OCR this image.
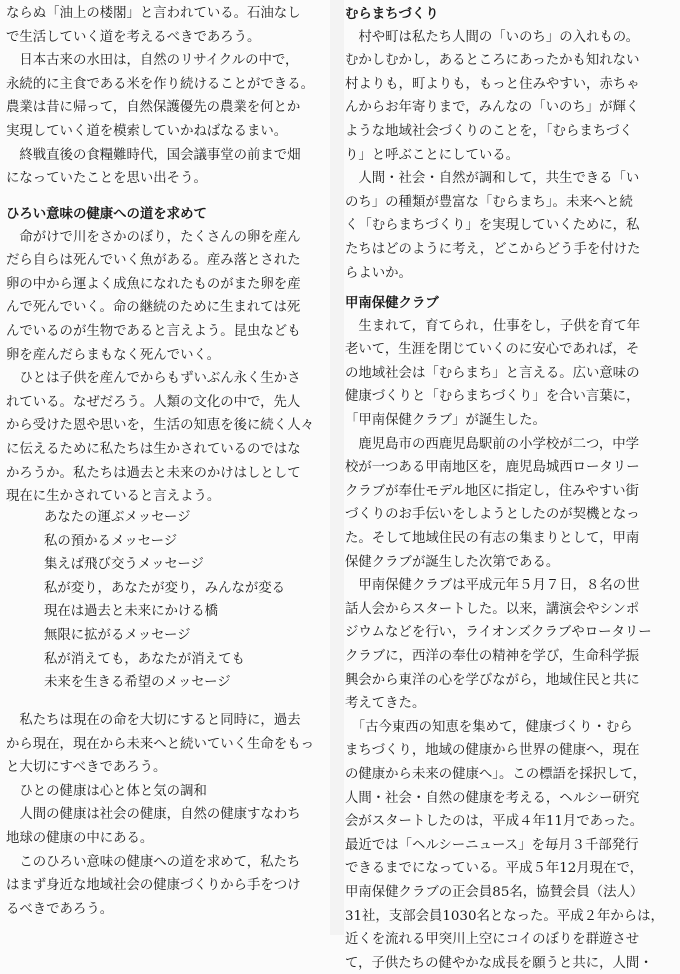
ならぬ「油上の楼閣」と言われている。石油なし
で生活していく道を考えるべきであろう。
　日本古来の水田は，自然のリサイクルの中で，
永続的に主食である米を作り続けることができる。
農業は昔に帰って，自然保護優先の農業を何とか
実現していく道を模索していかねばなるまい。
　終戦直後の食糧難時代，国会議事堂の前まで畑
になっていたことを思い出そう。
ひろい意味の健康への道を求めて
　命がけで川をさかのぼり，たくさんの卵を産ん
だら自らは死んでいく魚がある。産み落とされた
卵の中から運よく成魚になれたものがまた卵を産
んで死んでいく。命の継続のために生まれては死
んでいるのが生物であると言えよう。昆虫なども
卵を産んだらまもなく死んでいく。
　ひとは子供を産んでからもずいぶん永く生かさ
れている。なぜだろう。人類の文化の中で，先人
から受けた恩や思いを，生活の知恵を後に続く人々
に伝えるために私たちは生かされているのではな
かろうか。私たちは過去と未来のかけはしとして
現在に生かされていると言えよう。
あなたの運ぶメッセージ
私の預かるメッセージ
集えば飛び交うメッセージ
私が変り，あなたが変り，みんなが変る
現在は過去と未来にかける橋
無限に拡がるメッセージ
私が消えても，あなたが消えても
未来を生きる希望のメッセージ
　私たちは現在の命を大切にすると同時に，過去
から現在，現在から未来へと続いていく生命をもっ
と大切にすべきであろう。
　ひとの健康は心と体と気の調和
　人間の健康は社会の健康，自然の健康すなわち
地球の健康の中にある。
　このひろい意味の健康への道を求めて，私たち
はまず身近な地域社会の健康づくりから手をつけ
るべきであろう。
むらまちづくり
　村や町は私たち人間の「いのち」の入れもの。
むかしむかし，あるところにあったかも知れない
村よりも，町よりも，もっと住みやすい，赤ちゃ
んからお年寄りまで，みんなの「いのち」が輝く
ような地域社会づくりのことを，「むらまちづく
り」と呼ぶことにしている。
　人間・社会・自然が調和して，共生できる「い
のち」の種類が豊富な「むらまち」。未来へと続
く「むらまちづくり」を実現していくために，私
たちはどのように考え，どこからどう手を付けた
らよいか。
甲南保健クラブ
　生まれて，育てられ，仕事をし，子供を育て年
老いて，生涯を閉じていくのに安心であれば，そ
の地域社会は「むらまち」と言える。広い意味の
健康づくりと「むらまちづくり」を合い言葉に，
「甲南保健クラブ」が誕生した。
　鹿児島市の西鹿児島駅前の小学校が二つ，中学
校が一つある甲南地区を，鹿児島城西ロータリー
クラブが奉仕モデル地区に指定し，住みやすい街
づくりのお手伝いをしようとしたのが契機となっ
た。そして地域住民の有志の集まりとして，甲南
保健クラブが誕生した次第である。
　甲南保健クラブは平成元年５月７日，８名の世
話人会からスタートした。以来，講演会やシンポ
ジウムなどを行い，ライオンズクラブやロータリー
クラブに，西洋の奉仕の精神を学び，生命科学振
興会から東洋の心を学びながら，地域住民と共に
考えてきた。
　「古今東西の知恵を集めて，健康づくり・むら
まちづくり，地域の健康から世界の健康へ，現在
の健康から未来の健康へ」。この標語を採択して，
人間・社会・自然の健康を考える，ヘルシー研究
会がスタートしたのは，平成４年11月であった。
最近では「ヘルシーニュース」を毎月３千部発行
できるまでになっている。平成５年12月現在で，
甲南保健クラブの正会員85名，協賛会員（法人）
31社，支部会員1030名となった。平成２年からは，
近くを流れる甲突川上空にコイのぼりを群遊させ
て，子供たちの健やかな成長を願うと共に，人間・
